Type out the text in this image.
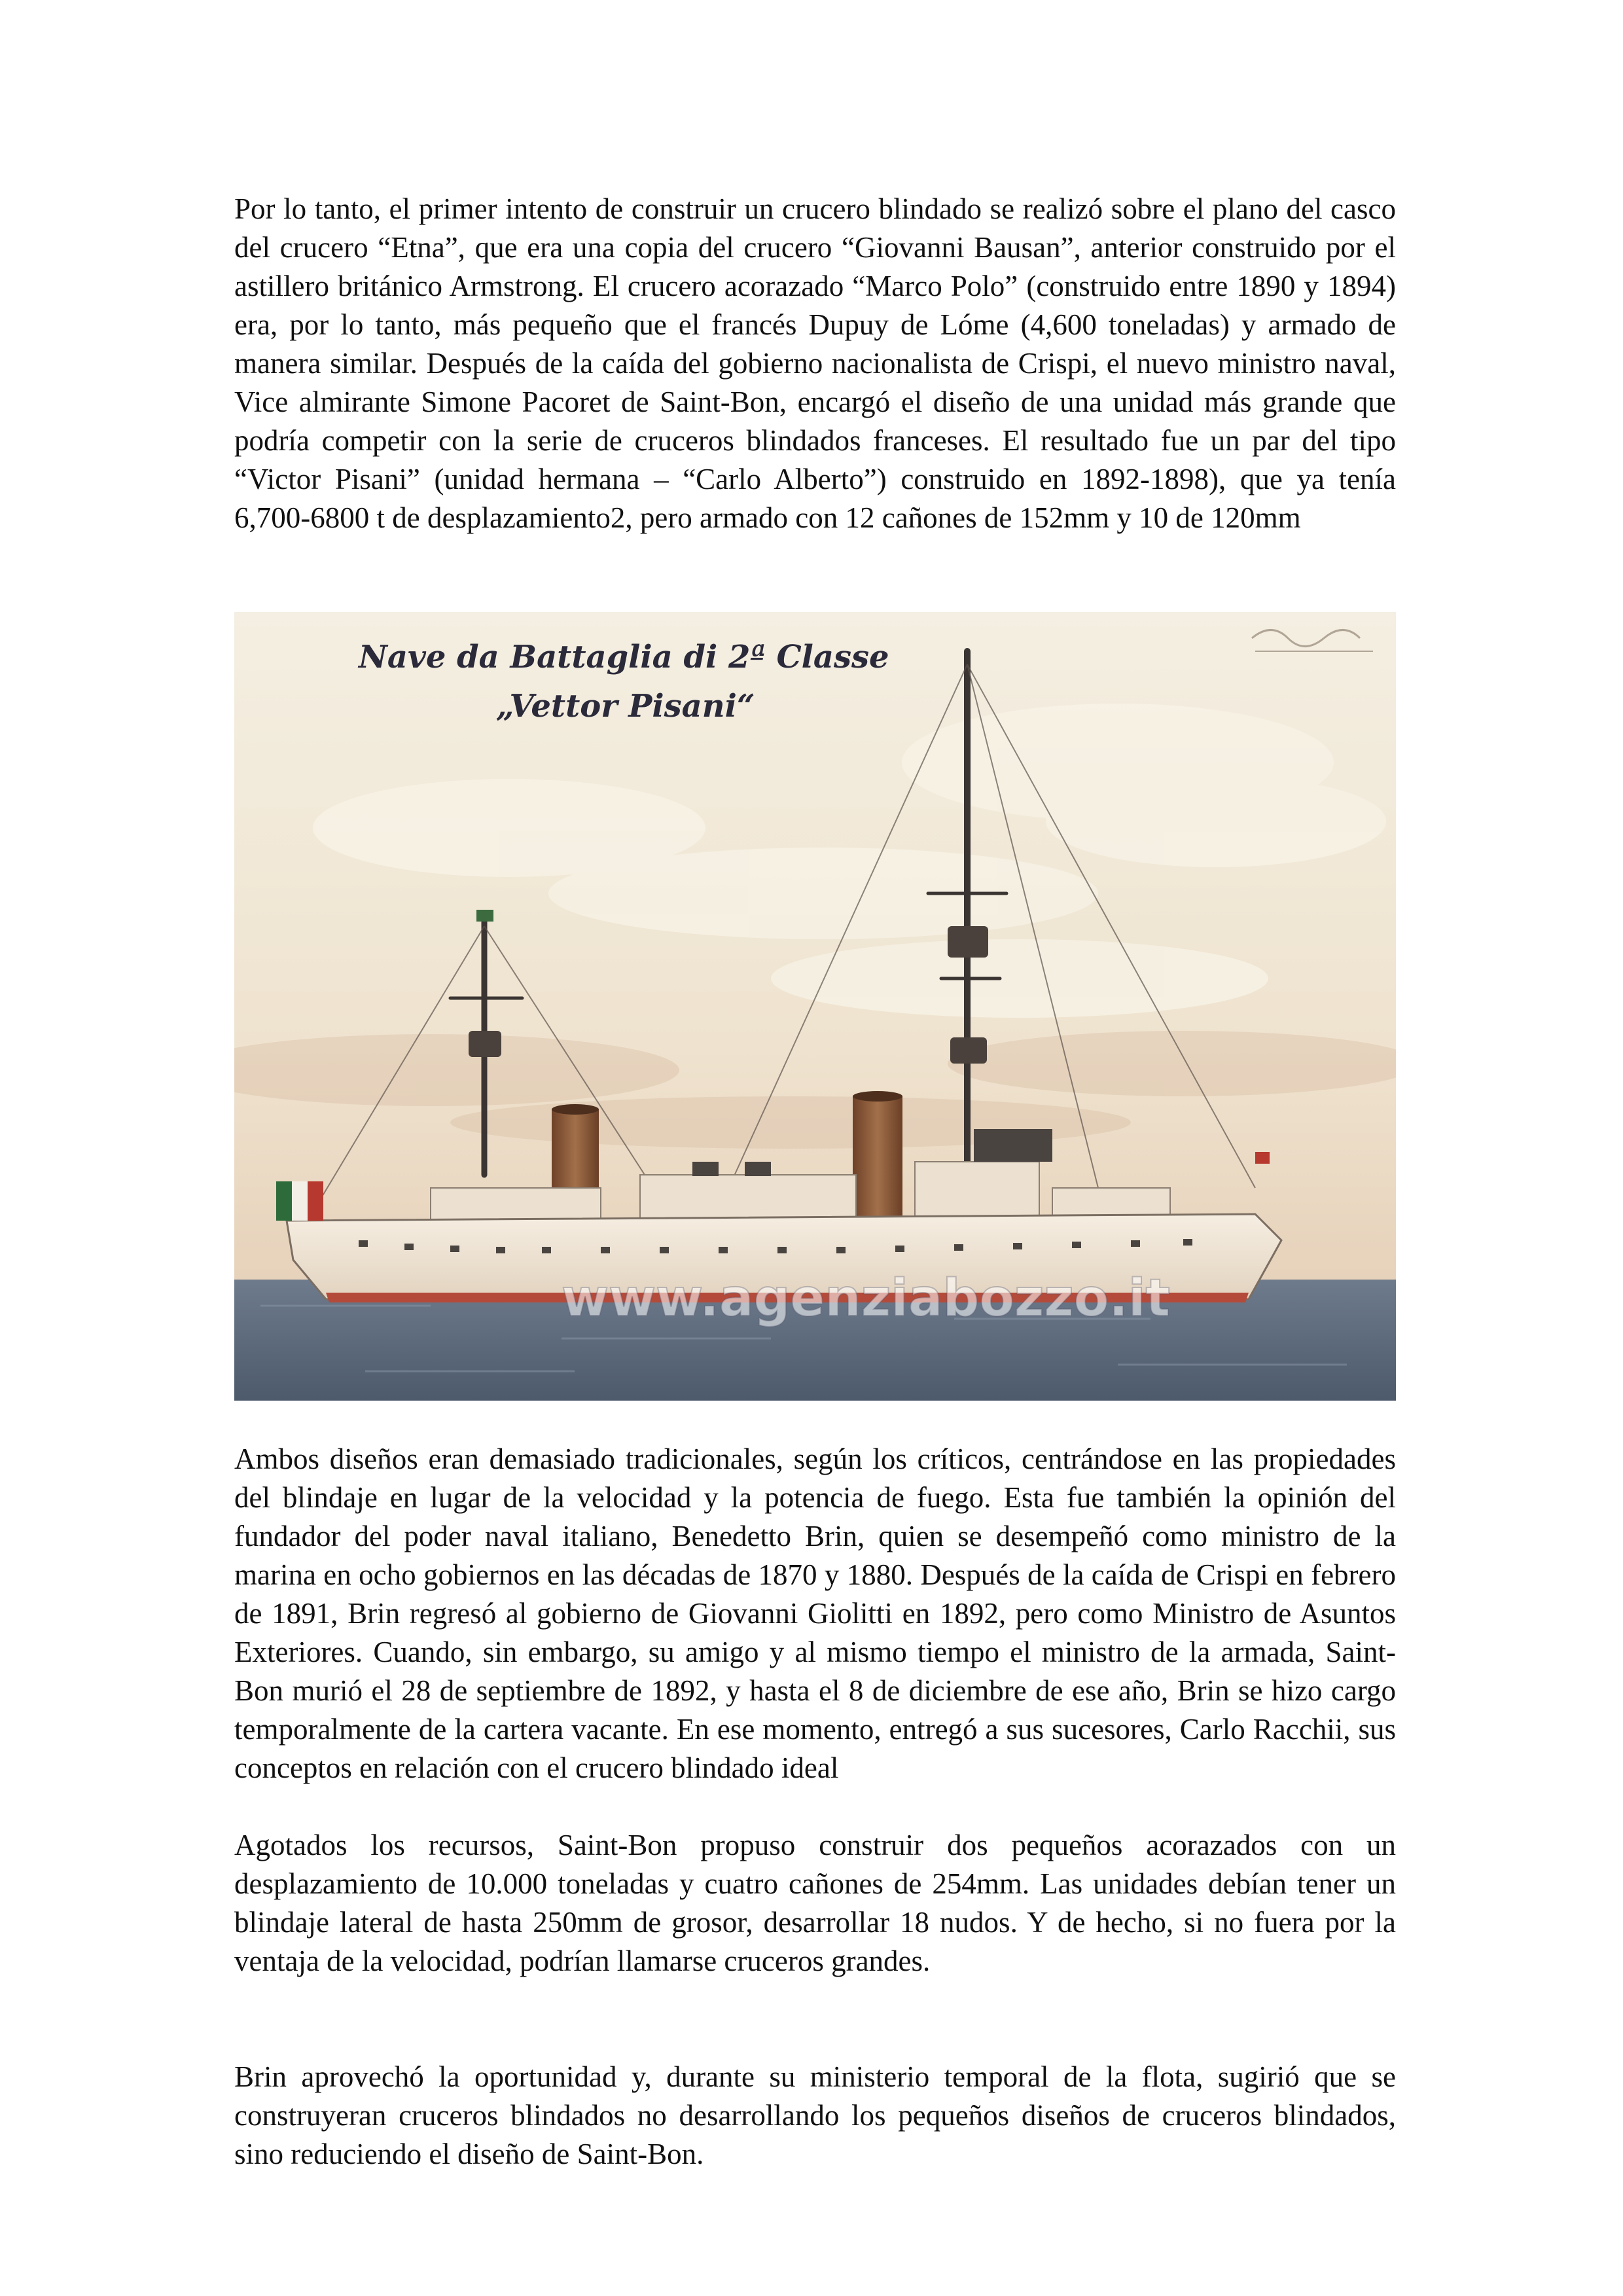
Por lo tanto, el primer intento de construir un crucero blindado se realizó sobre el plano del casco del crucero “Etna”, que era una copia del crucero “Giovanni Bausan”, anterior construido por el astillero británico Armstrong. El crucero acorazado “Marco Polo” (construido entre 1890 y 1894) era, por lo tanto, más pequeño que el francés Dupuy de Lóme (4,600 toneladas) y armado de manera similar. Después de la caída del gobierno nacionalista de Crispi, el nuevo ministro naval, Vice almirante Simone Pacoret de Saint-Bon, encargó el diseño de una unidad más grande que podría competir con la serie de cruceros blindados franceses. El resultado fue un par del tipo “Victor Pisani” (unidad hermana – “Carlo Alberto”) construido en 1892-1898), que ya tenía 6,700-6800 t de desplazamiento2, pero armado con 12 cañones de 152mm y 10 de 120mm

Nave da Battaglia di 2ª Classe
„Vettor Pisani“
www.agenziabozzo.it

Ambos diseños eran demasiado tradicionales, según los críticos, centrándose en las propiedades del blindaje en lugar de la velocidad y la potencia de fuego. Esta fue también la opinión del fundador del poder naval italiano, Benedetto Brin, quien se desempeñó como ministro de la marina en ocho gobiernos en las décadas de 1870 y 1880. Después de la caída de Crispi en febrero de 1891, Brin regresó al gobierno de Giovanni Giolitti en 1892, pero como Ministro de Asuntos Exteriores. Cuando, sin embargo, su amigo y al mismo tiempo el ministro de la armada, Saint-Bon murió el 28 de septiembre de 1892, y hasta el 8 de diciembre de ese año, Brin se hizo cargo temporalmente de la cartera vacante. En ese momento, entregó a sus sucesores, Carlo Racchii, sus conceptos en relación con el crucero blindado ideal

Agotados los recursos, Saint-Bon propuso construir dos pequeños acorazados con un desplazamiento de 10.000 toneladas y cuatro cañones de 254mm. Las unidades debían tener un blindaje lateral de hasta 250mm de grosor, desarrollar 18 nudos. Y de hecho, si no fuera por la ventaja de la velocidad, podrían llamarse cruceros grandes.

Brin aprovechó la oportunidad y, durante su ministerio temporal de la flota, sugirió que se construyeran cruceros blindados no desarrollando los pequeños diseños de cruceros blindados, sino reduciendo el diseño de Saint-Bon.
